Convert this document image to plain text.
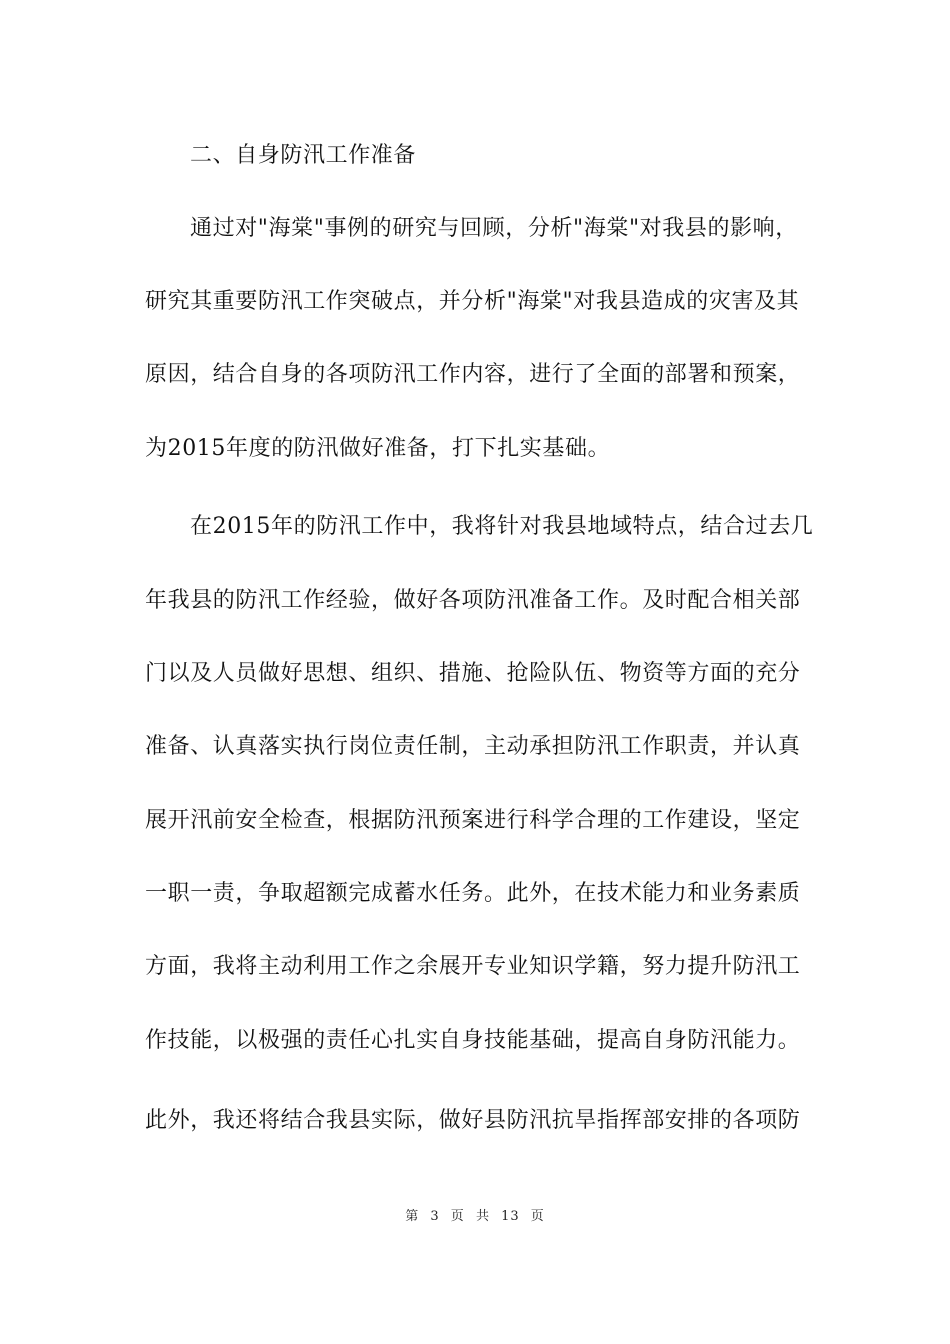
二、自身防汛工作准备
通过对"海棠"事例的研究与回顾，分析"海棠"对我县的影响，
研究其重要防汛工作突破点，并分析"海棠"对我县造成的灾害及其
原因，结合自身的各项防汛工作内容，进行了全面的部署和预案，
为2015年度的防汛做好准备，打下扎实基础。
在2015年的防汛工作中，我将针对我县地域特点，结合过去几
年我县的防汛工作经验，做好各项防汛准备工作。及时配合相关部
门以及人员做好思想、组织、措施、抢险队伍、物资等方面的充分
准备、认真落实执行岗位责任制，主动承担防汛工作职责，并认真
展开汛前安全检查，根据防汛预案进行科学合理的工作建设，坚定
一职一责，争取超额完成蓄水任务。此外，在技术能力和业务素质
方面，我将主动利用工作之余展开专业知识学籍，努力提升防汛工
作技能，以极强的责任心扎实自身技能基础，提高自身防汛能力。
此外，我还将结合我县实际，做好县防汛抗旱指挥部安排的各项防
第 3 页 共 13 页
